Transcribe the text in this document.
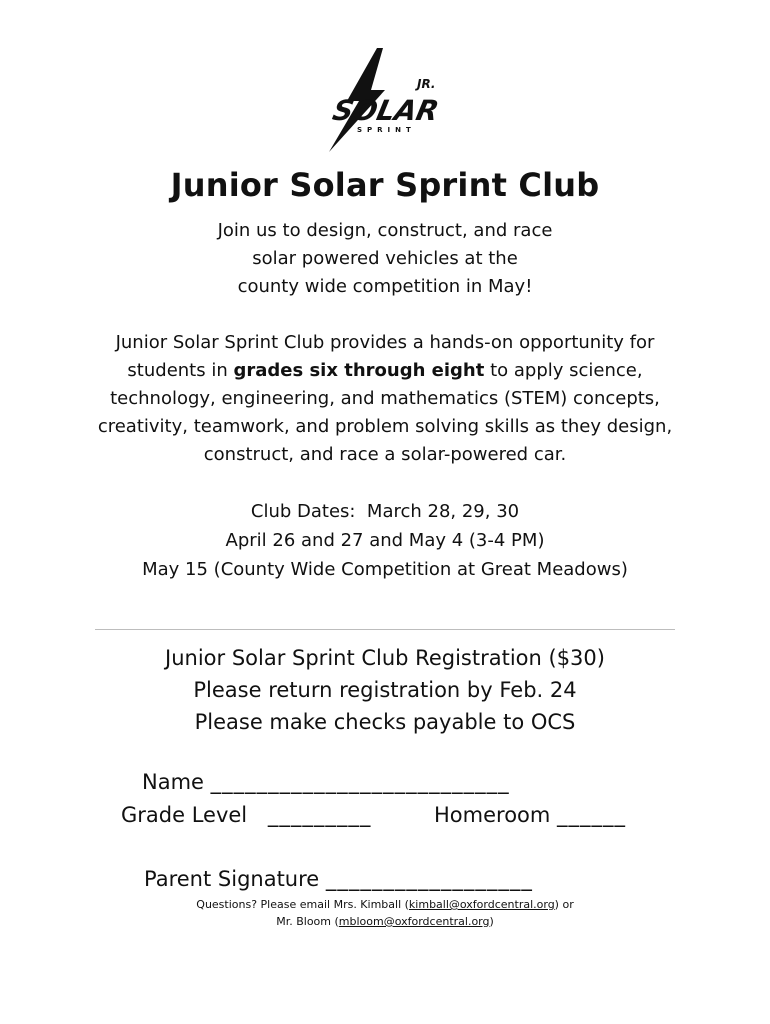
JR.
SOLAR
SPRINT
Junior Solar Sprint Club
Join us to design, construct, and race
solar powered vehicles at the
county wide competition in May!
Junior Solar Sprint Club provides a hands-on opportunity for students in grades six through eight to apply science, technology, engineering, and mathematics (STEM) concepts, creativity, teamwork, and problem solving skills as they design, construct, and race a solar-powered car.
Club Dates:  March 28, 29, 30
April 26 and 27 and May 4 (3-4 PM)
May 15 (County Wide Competition at Great Meadows)
Junior Solar Sprint Club Registration ($30)
Please return registration by Feb. 24
Please make checks payable to OCS
Name __________________________
Grade Level _________	Homeroom ______
Parent Signature __________________
Questions? Please email Mrs. Kimball (kimball@oxfordcentral.org) or
Mr. Bloom (mbloom@oxfordcentral.org)
